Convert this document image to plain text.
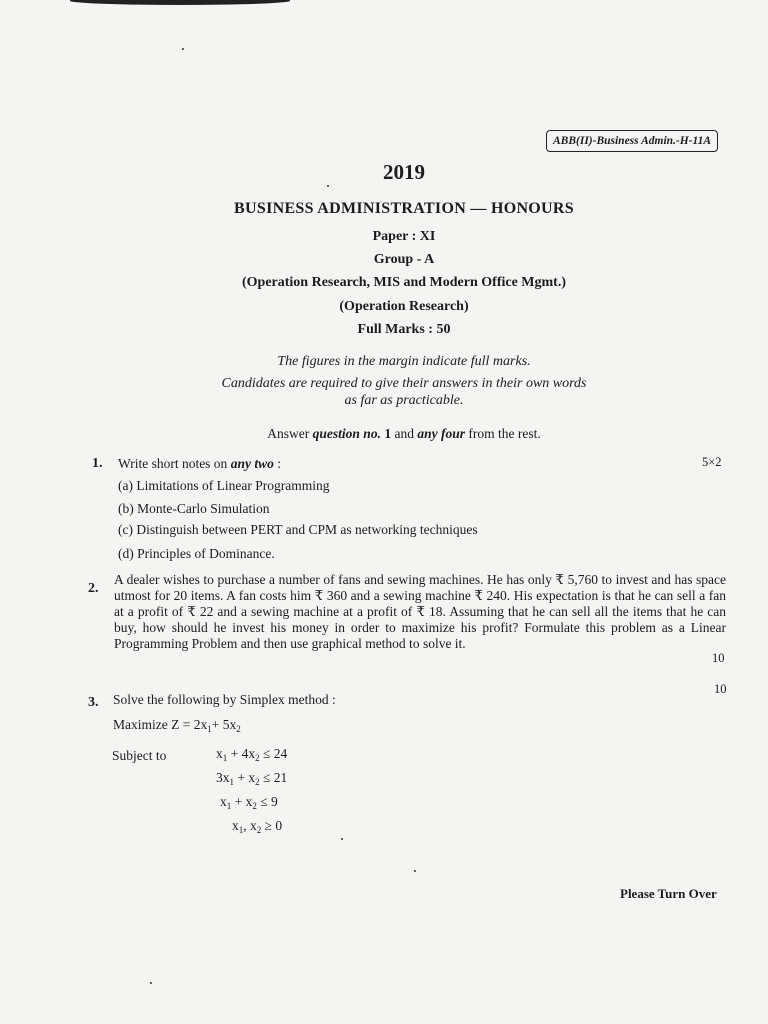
ABB(II)-Business Admin.-H-11A
2019
BUSINESS ADMINISTRATION — HONOURS
Paper : XI
Group - A
(Operation Research, MIS and Modern Office Mgmt.)
(Operation Research)
Full Marks : 50
The figures in the margin indicate full marks.
Candidates are required to give their answers in their own words
as far as practicable.
Answer question no. 1 and any four from the rest.
1. Write short notes on any two :	5×2
(a) Limitations of Linear Programming
(b) Monte-Carlo Simulation
(c) Distinguish between PERT and CPM as networking techniques
(d) Principles of Dominance.
2.
A dealer wishes to purchase a number of fans and sewing machines. He has only ₹ 5,760 to invest and has space utmost for 20 items. A fan costs him ₹ 360 and a sewing machine ₹ 240. His expectation is that he can sell a fan at a profit of ₹ 22 and a sewing machine at a profit of ₹ 18. Assuming that he can sell all the items that he can buy, how should he invest his money in order to maximize his profit? Formulate this problem as a Linear Programming Problem and then use graphical method to solve it.
10
10
3. Solve the following by Simplex method :
Maximize $Z = 2x_1+ 5x_2$
Subject to	$x_1 + 4x_2 \le 24$
$3x_1 + x_2 \le 21$
$x_1 + x_2 \le 9$
$x_1$, $x_2 \ge 0$
Please Turn Over
